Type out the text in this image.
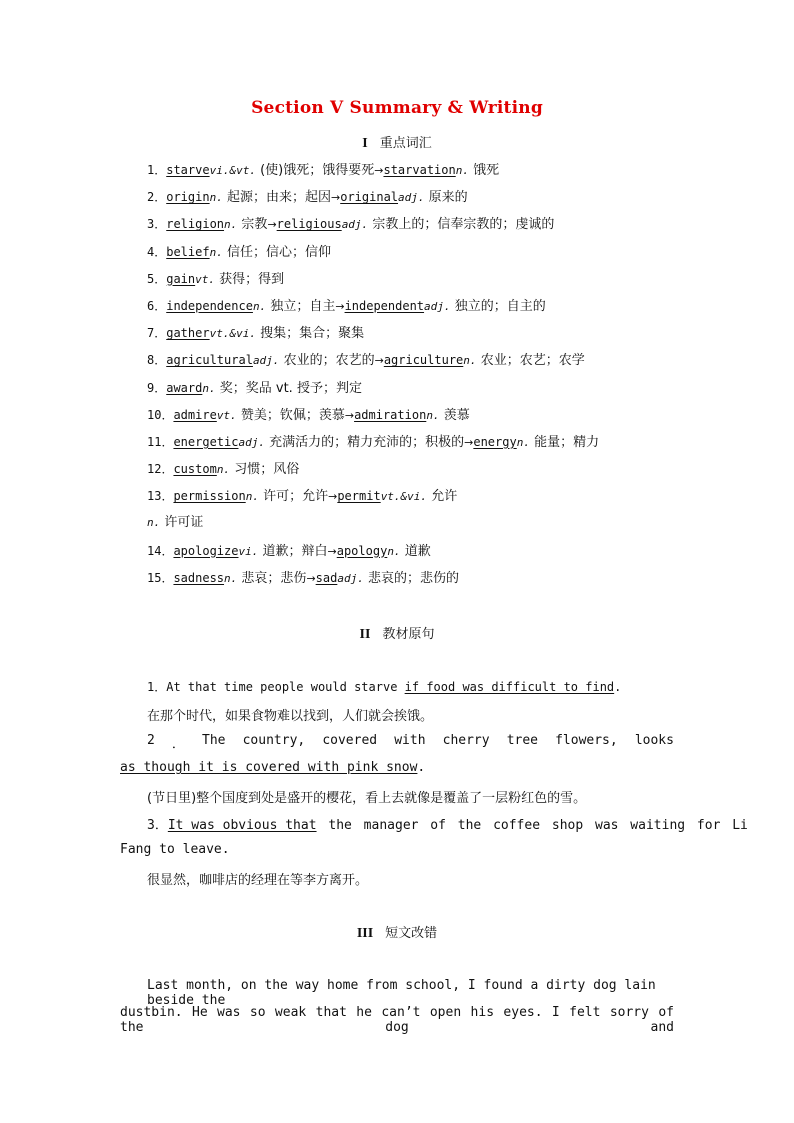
Section V Summary & Writing
I 重点词汇
1．starvevi.&vt. (使)饿死；饿得要死→starvationn. 饿死
2．originn. 起源；由来；起因→originaladj. 原来的
3．religionn. 宗教→religiousadj. 宗教上的；信奉宗教的；虔诚的
4．beliefn. 信任；信心；信仰
5．gainvt. 获得；得到
6．independencen. 独立；自主→independentadj. 独立的；自主的
7．gathervt.&vi. 搜集；集合；聚集
8．agriculturaladj. 农业的；农艺的→agriculturen. 农业；农艺；农学
9．awardn. 奖；奖品 vt. 授予；判定
10．admirevt. 赞美；钦佩；羡慕→admirationn. 羡慕
11．energeticadj. 充满活力的；精力充沛的；积极的→energyn. 能量；精力
12．customn. 习惯；风俗
13．permissionn. 许可；允许→permitvt.&vi. 允许
n. 许可证
14．apologizevi. 道歉；辩白→apologyn. 道歉
15．sadnessn. 悲哀；悲伤→sadadj. 悲哀的；悲伤的
II 教材原句
1．At that time people would starve if food was difficult to find.
在那个时代，如果食物难以找到，人们就会挨饿。
2 ． The country, covered with cherry tree flowers, looks
as though it is covered with pink snow.
(节日里)整个国度到处是盛开的樱花，看上去就像是覆盖了一层粉红色的雪。
3．It was obvious that the manager of the coffee shop was waiting for Li
Fang to leave.
很显然，咖啡店的经理在等李方离开。
III 短文改错
Last month, on the way home from school, I found a dirty dog lain beside the
dustbin. He was so weak that he can’t open his eyes. I felt sorry of the dog and
